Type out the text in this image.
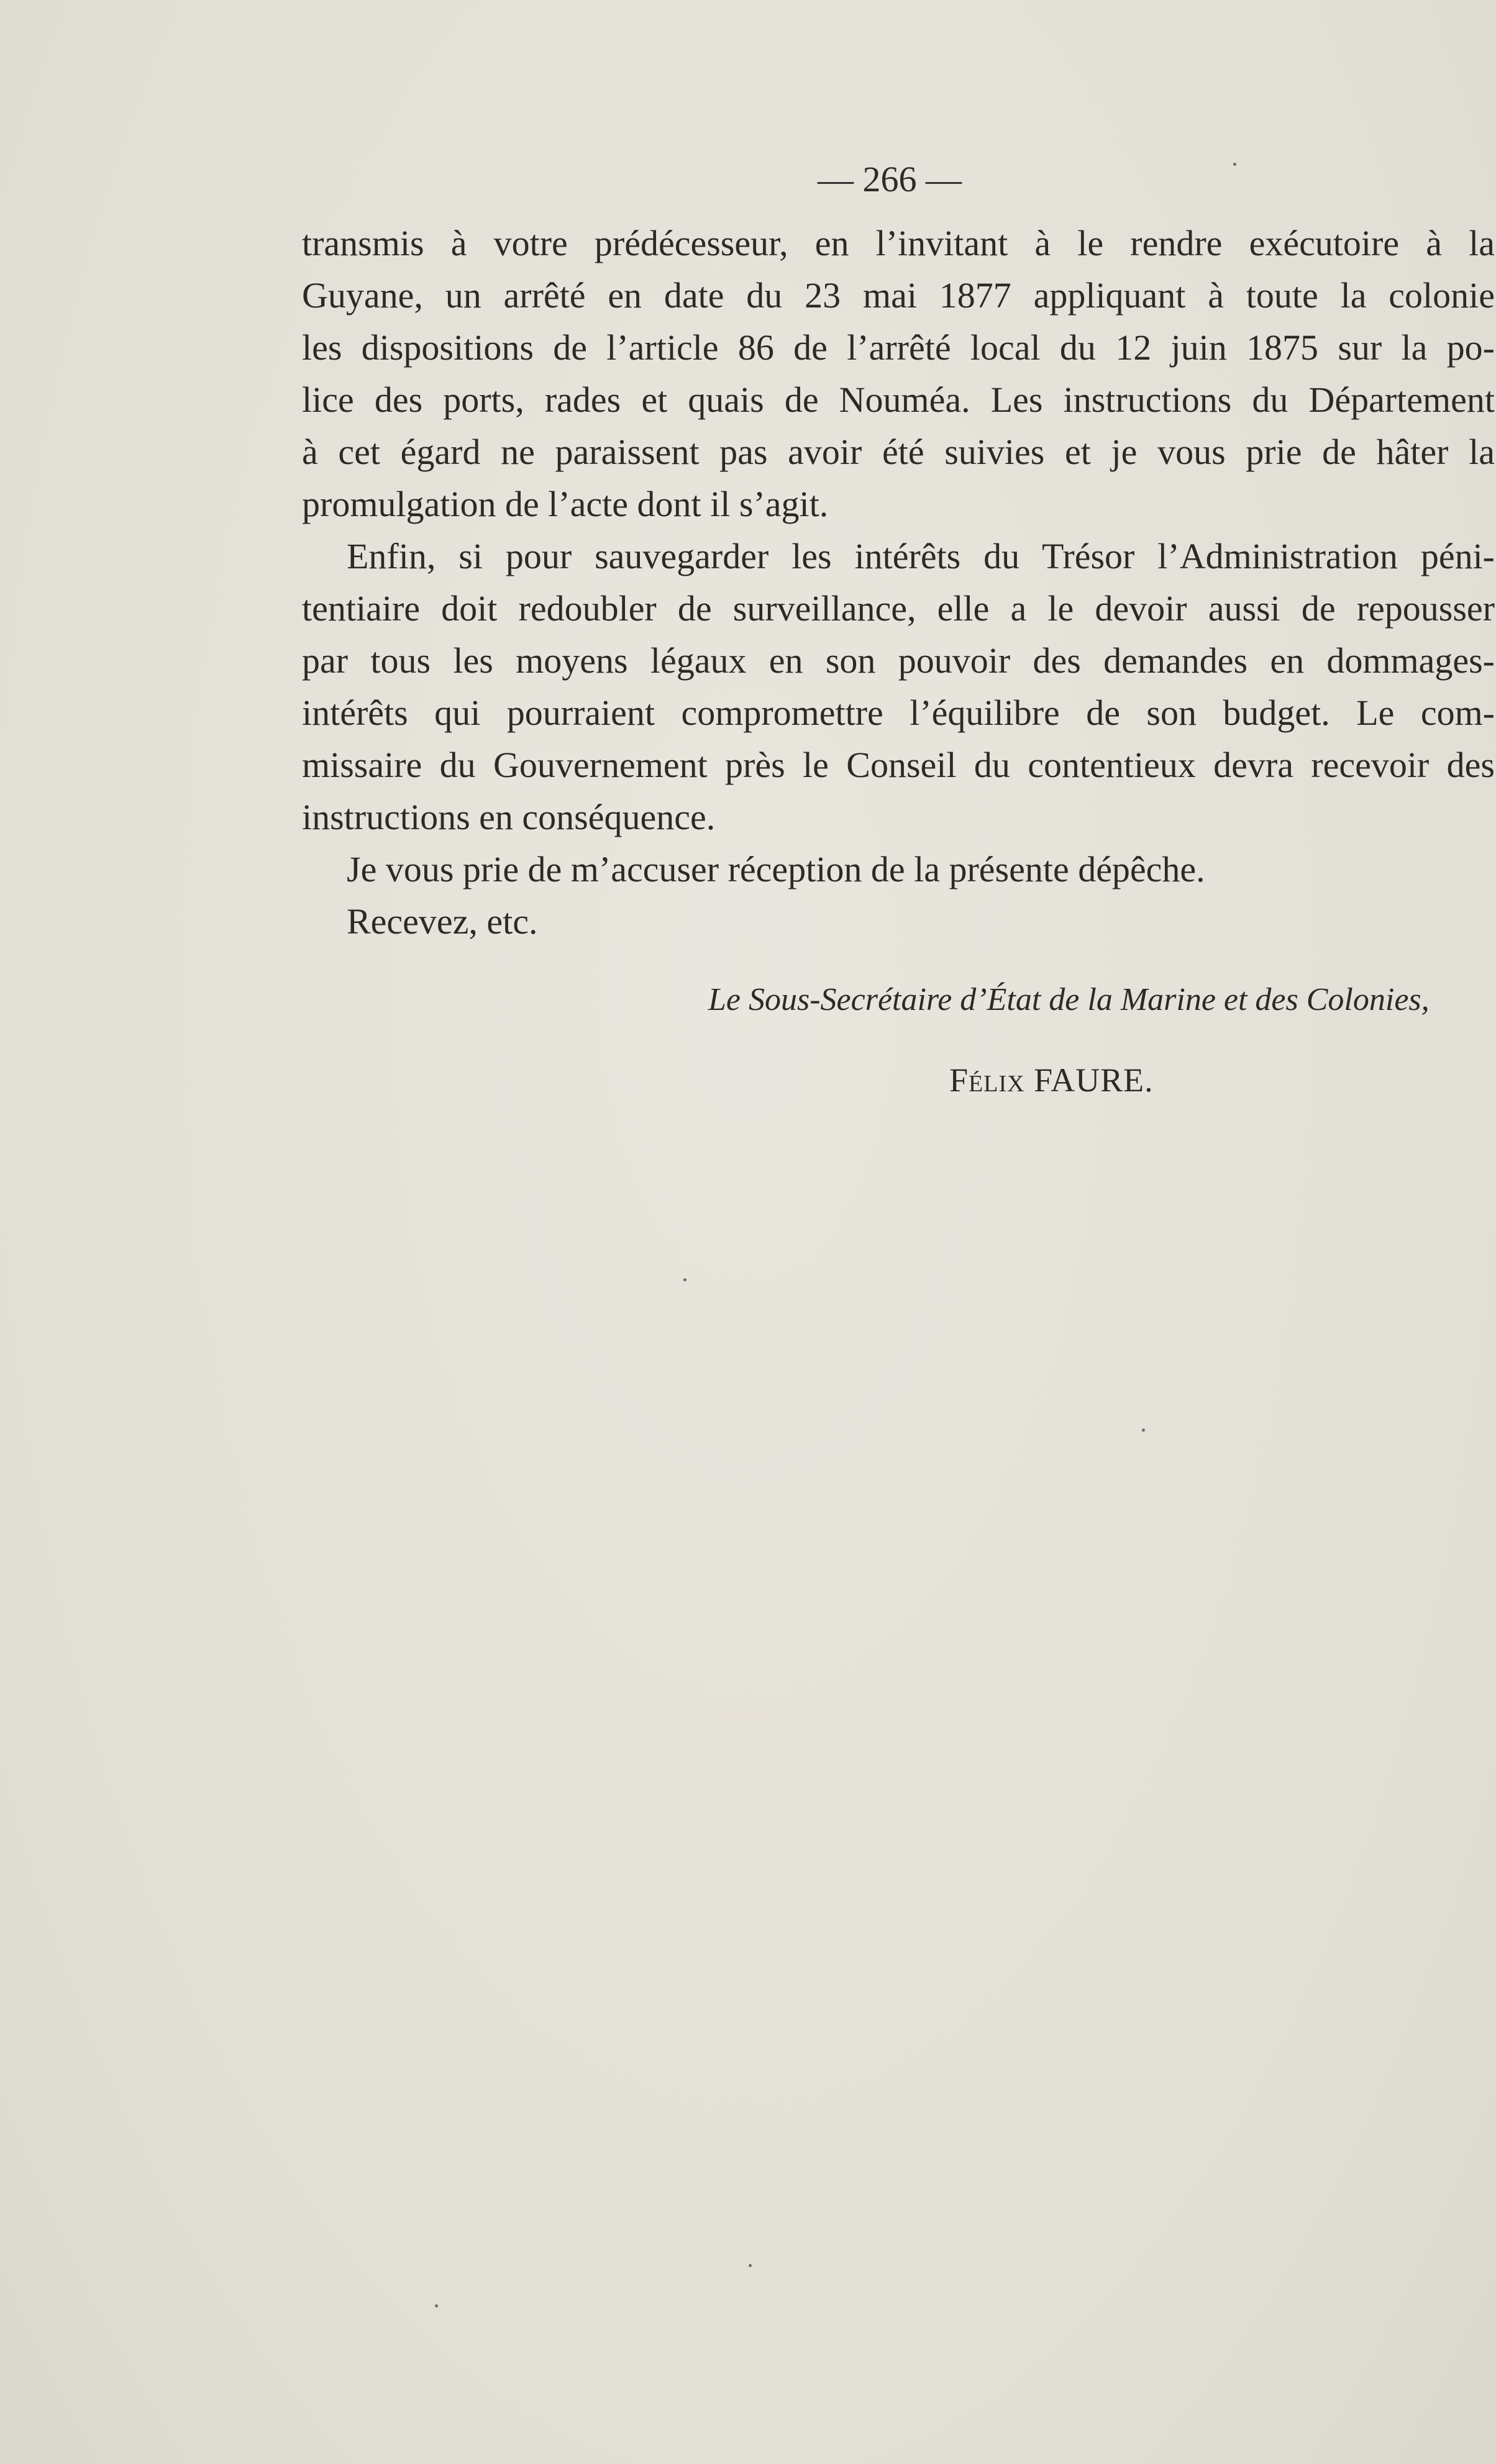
— 266 —
transmis à votre prédécesseur, en l’invitant à le rendre exécutoire à la
Guyane, un arrêté en date du 23 mai 1877 appliquant à toute la colonie
les dispositions de l’article 86 de l’arrêté local du 12 juin 1875 sur la po-
lice des ports, rades et quais de Nouméa. Les instructions du Département
à cet égard ne paraissent pas avoir été suivies et je vous prie de hâter la
promulgation de l’acte dont il s’agit.
Enfin, si pour sauvegarder les intérêts du Trésor l’Administration péni-
tentiaire doit redoubler de surveillance, elle a le devoir aussi de repousser
par tous les moyens légaux en son pouvoir des demandes en dommages-
intérêts qui pourraient compromettre l’équilibre de son budget. Le com-
missaire du Gouvernement près le Conseil du contentieux devra recevoir des
instructions en conséquence.
Je vous prie de m’accuser réception de la présente dépêche.
Recevez, etc.
Le Sous-Secrétaire d’État de la Marine et des Colonies,
Félix FAURE.
